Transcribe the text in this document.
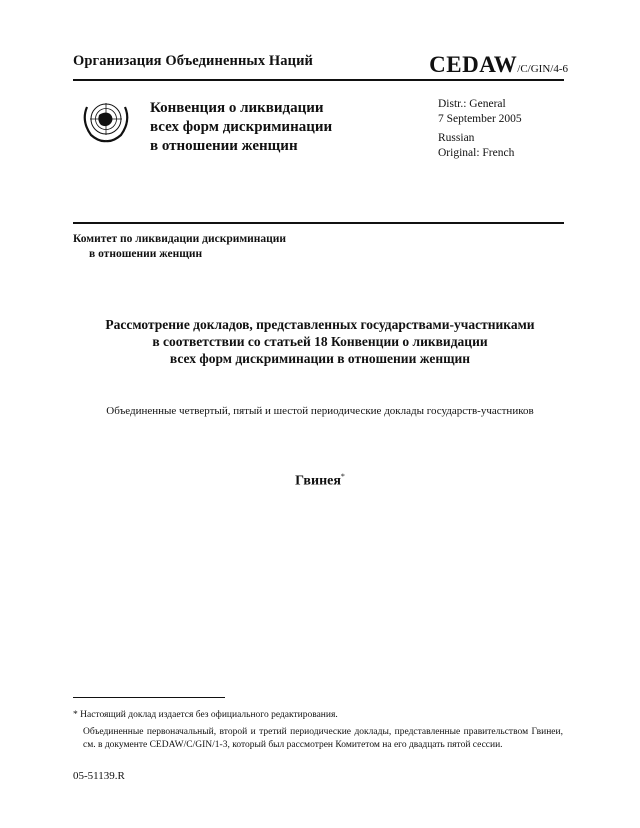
Организация Объединенных Наций	CEDAW/C/GIN/4-6
Конвенция о ликвидации
всех форм дискриминации
в отношении женщин
Distr.: General
7 September 2005
Russian
Original: French
Комитет по ликвидации дискриминации
в отношении женщин
Рассмотрение докладов, представленных государствами-участниками
в соответствии со статьей 18 Конвенции о ликвидации
всех форм дискриминации в отношении женщин
Объединенные четвертый, пятый и шестой периодические доклады государств-участников
Гвинея*
* Настоящий доклад издается без официального редактирования.
Объединенные первоначальный, второй и третий периодические доклады, представленные правительством Гвинеи, см. в документе CEDAW/C/GIN/1-3, который был рассмотрен Комитетом на его двадцать пятой сессии.
05-51139.R
